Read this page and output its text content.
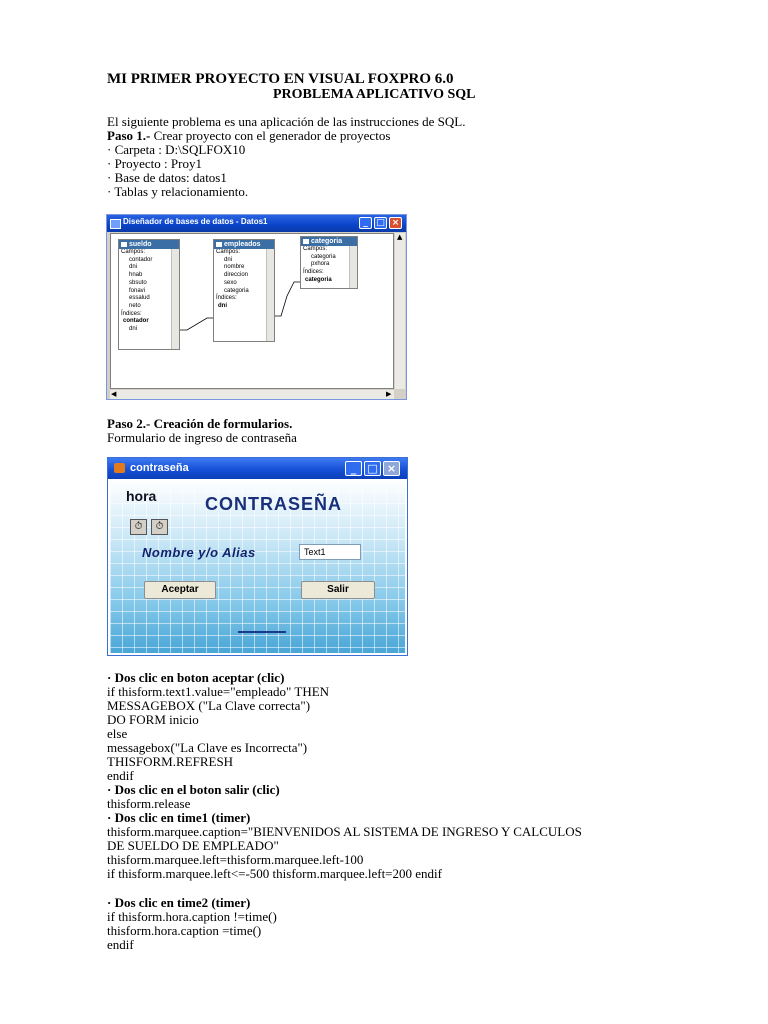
MI PRIMER PROYECTO EN VISUAL FOXPRO 6.0
PROBLEMA APLICATIVO SQL
El siguiente problema es una aplicación de las instrucciones de SQL.
Paso 1.- Crear proyecto con el generador de proyectos
· Carpeta : D:\SQLFOX10
· Proyecto : Proy1
· Base de datos: datos1
· Tablas y relacionamiento.
Diseñador de bases de datos - Datos1	_ □ ×
sueldo
Campos:
contador
dni
hnab
sbsuto
fonavi
essalud
neto
Índices:
contador
dni
empleados
Campos:
dni
nombre
direccion
sexo
categoria
Índices:
dni
categoria
Campos:
categoria
pxhora
Índices:
categoria
▲
◀	▶
Paso 2.- Creación de formularios.
Formulario de ingreso de contraseña
contraseña	_	□ ×
hora	CONTRASEÑA
⏱	⏱
Nombre y/o Alias	Text1
Aceptar	Salir
· Dos clic en boton aceptar (clic)
if thisform.text1.value="empleado" THEN
MESSAGEBOX ("La Clave correcta")
DO FORM inicio
else
messagebox("La Clave es Incorrecta")
THISFORM.REFRESH
endif
· Dos clic en el boton salir (clic)
thisform.release
· Dos clic en time1 (timer)
thisform.marquee.caption="BIENVENIDOS AL SISTEMA DE INGRESO Y CALCULOS
DE SUELDO DE EMPLEADO"
thisform.marquee.left=thisform.marquee.left-100
if thisform.marquee.left<=-500 thisform.marquee.left=200 endif
· Dos clic en time2 (timer)
if thisform.hora.caption !=time()
thisform.hora.caption =time()
endif
